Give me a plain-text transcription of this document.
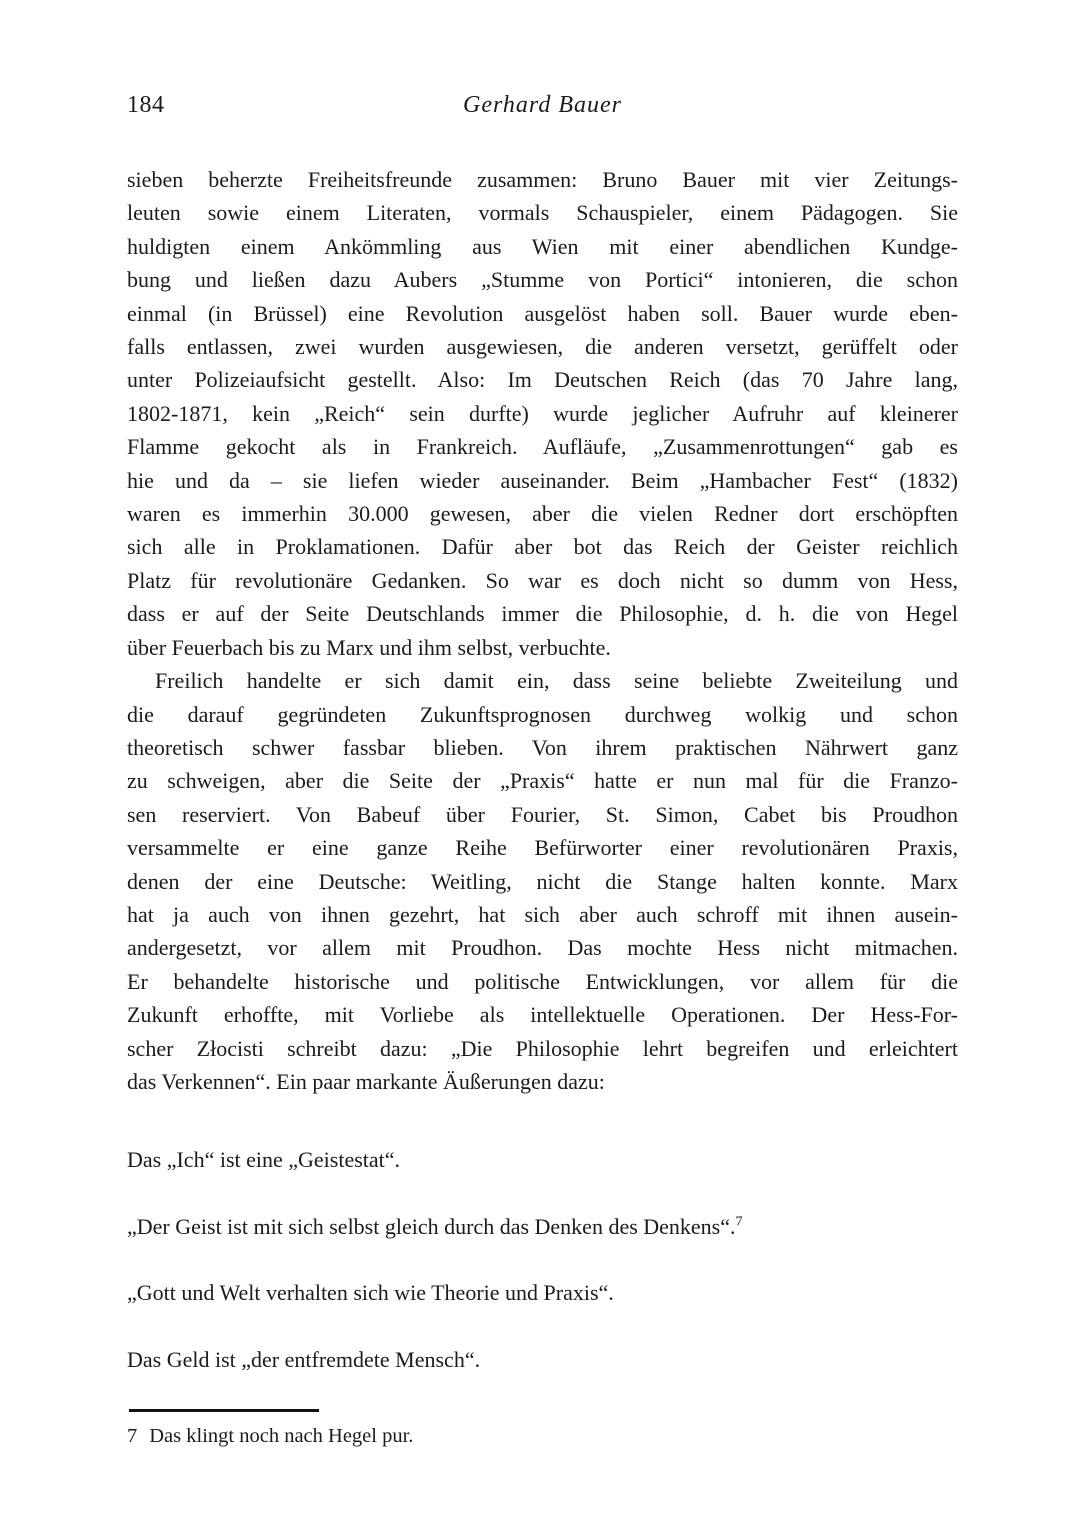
184	Gerhard Bauer
sieben beherzte Freiheitsfreunde zusammen: Bruno Bauer mit vier Zeitungs-
leuten sowie einem Literaten, vormals Schauspieler, einem Pädagogen. Sie
huldigten einem Ankömmling aus Wien mit einer abendlichen Kundge-
bung und ließen dazu Aubers „Stumme von Portici“ intonieren, die schon
einmal (in Brüssel) eine Revolution ausgelöst haben soll. Bauer wurde eben-
falls entlassen, zwei wurden ausgewiesen, die anderen versetzt, gerüffelt oder
unter Polizeiaufsicht gestellt. Also: Im Deutschen Reich (das 70 Jahre lang,
1802-1871, kein „Reich“ sein durfte) wurde jeglicher Aufruhr auf kleinerer
Flamme gekocht als in Frankreich. Aufläufe, „Zusammenrottungen“ gab es
hie und da – sie liefen wieder auseinander. Beim „Hambacher Fest“ (1832)
waren es immerhin 30.000 gewesen, aber die vielen Redner dort erschöpften
sich alle in Proklamationen. Dafür aber bot das Reich der Geister reichlich
Platz für revolutionäre Gedanken. So war es doch nicht so dumm von Hess,
dass er auf der Seite Deutschlands immer die Philosophie, d. h. die von Hegel
über Feuerbach bis zu Marx und ihm selbst, verbuchte.
Freilich handelte er sich damit ein, dass seine beliebte Zweiteilung und
die darauf gegründeten Zukunftsprognosen durchweg wolkig und schon
theoretisch schwer fassbar blieben. Von ihrem praktischen Nährwert ganz
zu schweigen, aber die Seite der „Praxis“ hatte er nun mal für die Franzo-
sen reserviert. Von Babeuf über Fourier, St. Simon, Cabet bis Proudhon
versammelte er eine ganze Reihe Befürworter einer revolutionären Praxis,
denen der eine Deutsche: Weitling, nicht die Stange halten konnte. Marx
hat ja auch von ihnen gezehrt, hat sich aber auch schroff mit ihnen ausein-
andergesetzt, vor allem mit Proudhon. Das mochte Hess nicht mitmachen.
Er behandelte historische und politische Entwicklungen, vor allem für die
Zukunft erhoffte, mit Vorliebe als intellektuelle Operationen. Der Hess-For-
scher Złocisti schreibt dazu: „Die Philosophie lehrt begreifen und erleichtert
das Verkennen“. Ein paar markante Äußerungen dazu:
Das „Ich“ ist eine „Geistestat“.
„Der Geist ist mit sich selbst gleich durch das Denken des Denkens“.$^7$
„Gott und Welt verhalten sich wie Theorie und Praxis“.
Das Geld ist „der entfremdete Mensch“.
7 Das klingt noch nach Hegel pur.
